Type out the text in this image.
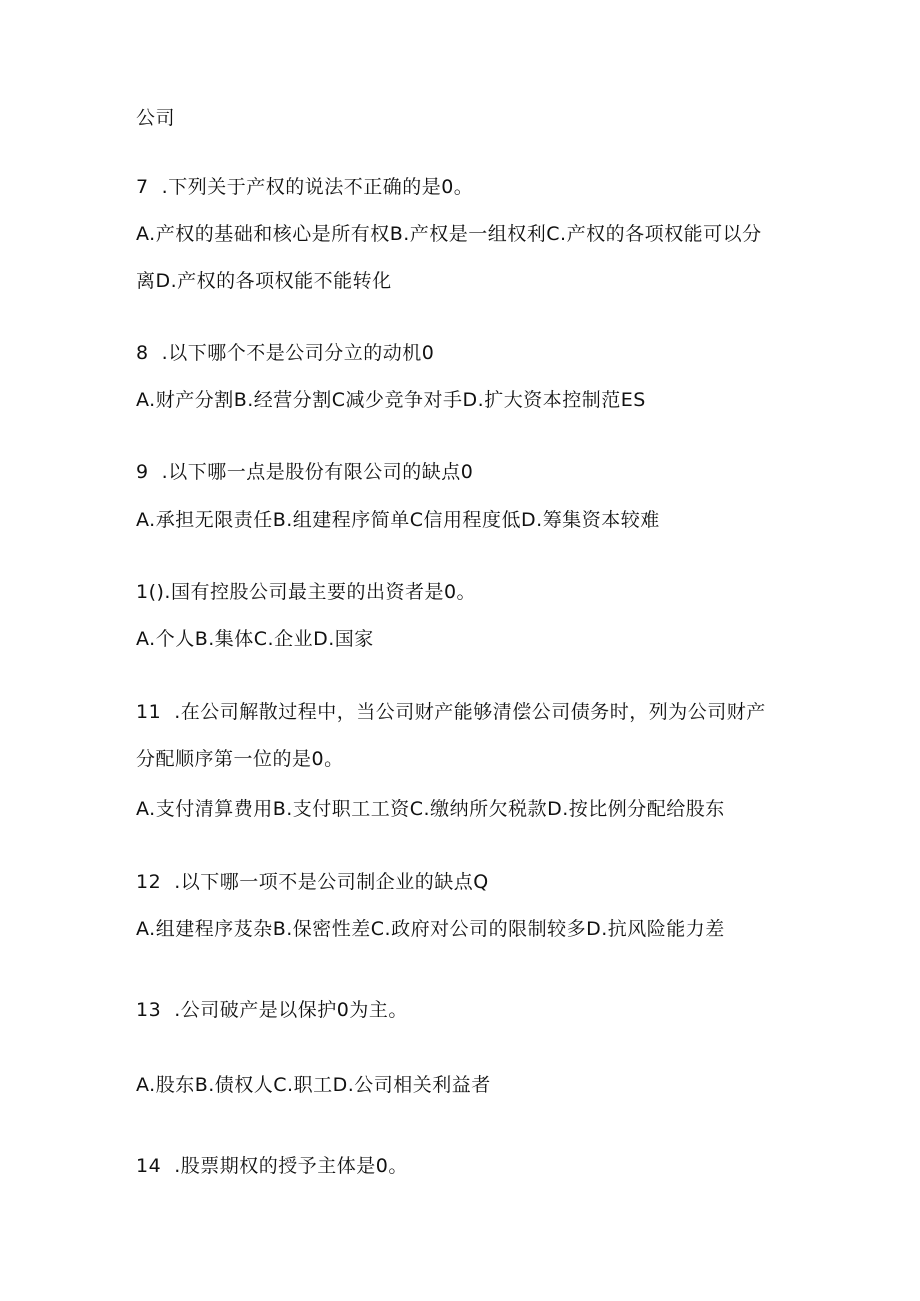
公司
7  .下列关于产权的说法不正确的是0。
A.产权的基础和核心是所有权B.产权是一组权利C.产权的各项权能可以分
离D.产权的各项权能不能转化
8  .以下哪个不是公司分立的动机0
A.财产分割B.经营分割C减少竞争对手D.扩大资本控制范ES
9  .以下哪一点是股份有限公司的缺点0
A.承担无限责任B.组建程序简单C信用程度低D.筹集资本较难
1().国有控股公司最主要的出资者是0。
A.个人B.集体C.企业D.国家
11  .在公司解散过程中，当公司财产能够清偿公司债务时，列为公司财产
分配顺序第一位的是0。
A.支付清算费用B.支付职工工资C.缴纳所欠税款D.按比例分配给股东
12  .以下哪一项不是公司制企业的缺点Q
A.组建程序芨杂B.保密性差C.政府对公司的限制较多D.抗风险能力差
13  .公司破产是以保护0为主。
A.股东B.债权人C.职工D.公司相关利益者
14  .股票期权的授予主体是0。
